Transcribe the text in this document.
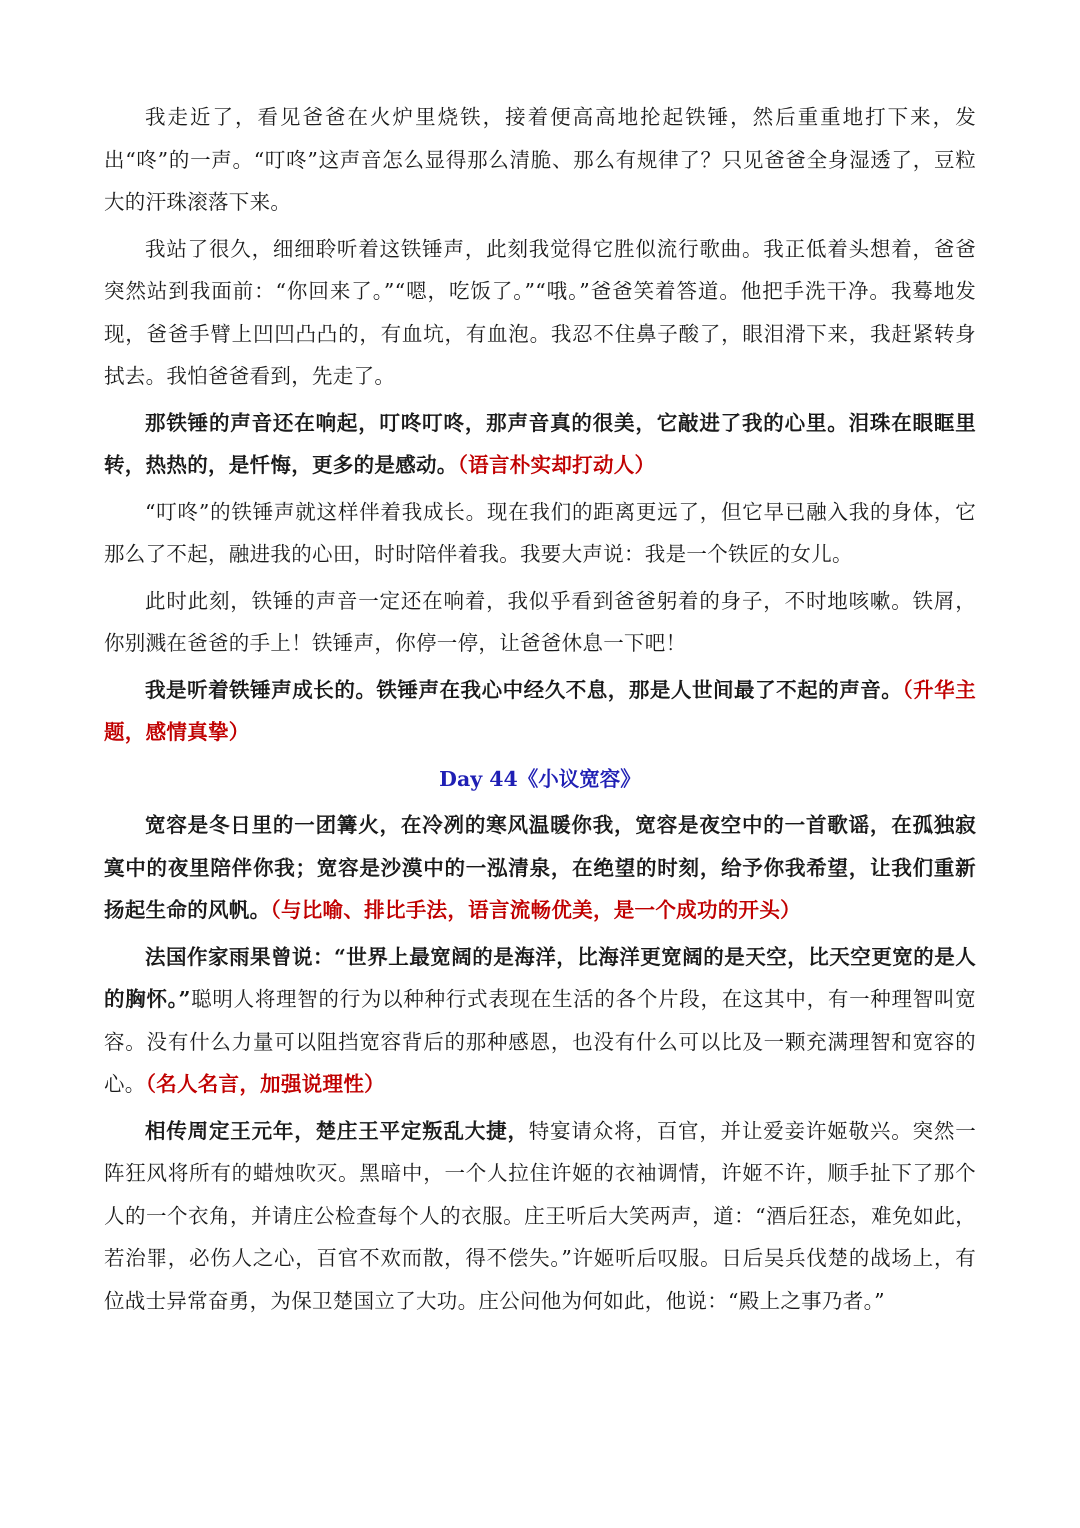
我走近了，看见爸爸在火炉里烧铁，接着便高高地抡起铁锤，然后重重地打下来，发出“咚”的一声。“叮咚”这声音怎么显得那么清脆、那么有规律了？只见爸爸全身湿透了，豆粒大的汗珠滚落下来。

我站了很久，细细聆听着这铁锤声，此刻我觉得它胜似流行歌曲。我正低着头想着，爸爸突然站到我面前：“你回来了。”“嗯，吃饭了。”“哦。”爸爸笑着答道。他把手洗干净。我蓦地发现，爸爸手臂上凹凹凸凸的，有血坑，有血泡。我忍不住鼻子酸了，眼泪滑下来，我赶紧转身拭去。我怕爸爸看到，先走了。

那铁锤的声音还在响起，叮咚叮咚，那声音真的很美，它敲进了我的心里。泪珠在眼眶里转，热热的，是忏悔，更多的是感动。（语言朴实却打动人）

“叮咚”的铁锤声就这样伴着我成长。现在我们的距离更远了，但它早已融入我的身体，它那么了不起，融进我的心田，时时陪伴着我。我要大声说：我是一个铁匠的女儿。

此时此刻，铁锤的声音一定还在响着，我似乎看到爸爸躬着的身子，不时地咳嗽。铁屑，你别溅在爸爸的手上！铁锤声，你停一停，让爸爸休息一下吧！

我是听着铁锤声成长的。铁锤声在我心中经久不息，那是人世间最了不起的声音。（升华主题，感情真挚）

Day 44《小议宽容》

宽容是冬日里的一团篝火，在冷冽的寒风温暖你我，宽容是夜空中的一首歌谣，在孤独寂寞中的夜里陪伴你我；宽容是沙漠中的一泓清泉，在绝望的时刻，给予你我希望，让我们重新扬起生命的风帆。（与比喻、排比手法，语言流畅优美，是一个成功的开头）

法国作家雨果曾说：“世界上最宽阔的是海洋，比海洋更宽阔的是天空，比天空更宽的是人的胸怀。”聪明人将理智的行为以种种行式表现在生活的各个片段，在这其中，有一种理智叫宽容。没有什么力量可以阻挡宽容背后的那种感恩，也没有什么可以比及一颗充满理智和宽容的心。（名人名言，加强说理性）

相传周定王元年，楚庄王平定叛乱大捷，特宴请众将，百官，并让爱妾许姬敬兴。突然一阵狂风将所有的蜡烛吹灭。黑暗中，一个人拉住许姬的衣袖调情，许姬不许，顺手扯下了那个人的一个衣角，并请庄公检查每个人的衣服。庄王听后大笑两声，道：“酒后狂态，难免如此，若治罪，必伤人之心，百官不欢而散，得不偿失。”许姬听后叹服。日后吴兵伐楚的战场上，有位战士异常奋勇，为保卫楚国立了大功。庄公问他为何如此，他说：“殿上之事乃者。”
